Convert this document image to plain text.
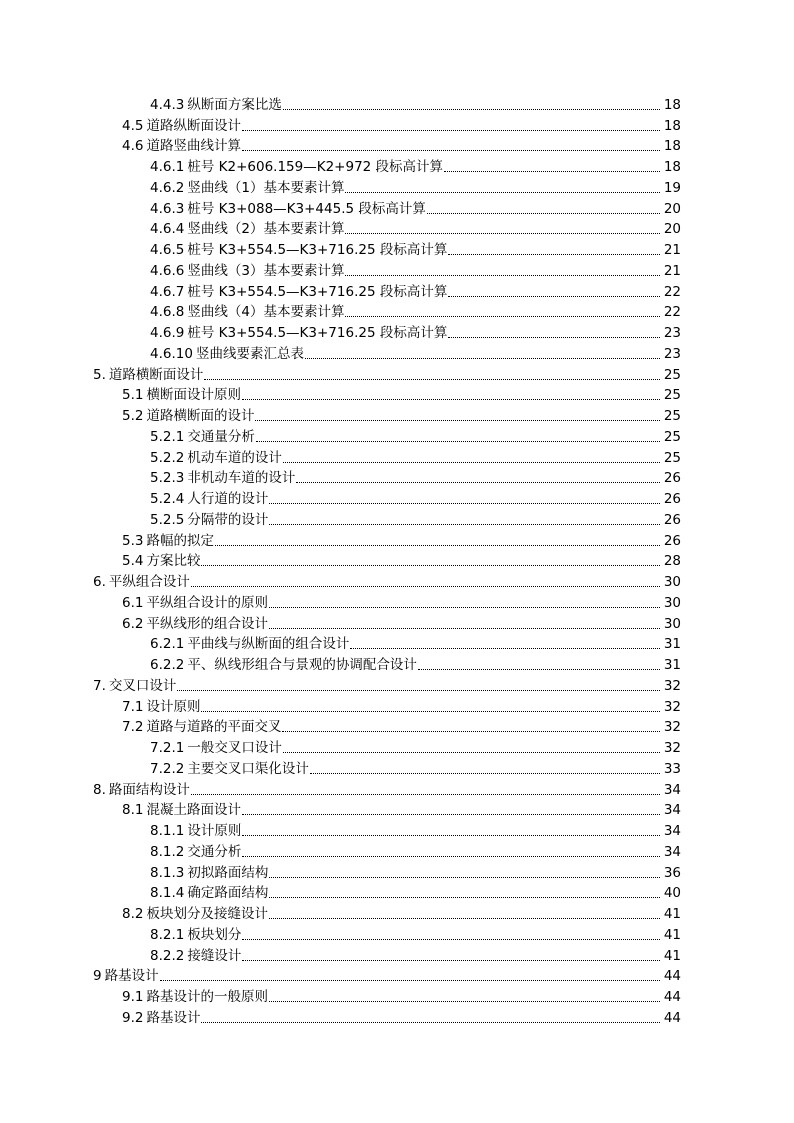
4.4.3 纵断面方案比选	18
4.5 道路纵断面设计	18
4.6 道路竖曲线计算	18
4.6.1 桩号 K2+606.159—K2+972 段标高计算	18
4.6.2 竖曲线（1）基本要素计算	19
4.6.3 桩号 K3+088—K3+445.5 段标高计算	20
4.6.4 竖曲线（2）基本要素计算	20
4.6.5 桩号 K3+554.5—K3+716.25 段标高计算	21
4.6.6 竖曲线（3）基本要素计算	21
4.6.7 桩号 K3+554.5—K3+716.25 段标高计算	22
4.6.8 竖曲线（4）基本要素计算	22
4.6.9 桩号 K3+554.5—K3+716.25 段标高计算	23
4.6.10 竖曲线要素汇总表	23
5. 道路横断面设计	25
5.1 横断面设计原则	25
5.2 道路横断面的设计	25
5.2.1 交通量分析	25
5.2.2 机动车道的设计	25
5.2.3 非机动车道的设计	26
5.2.4 人行道的设计	26
5.2.5 分隔带的设计	26
5.3 路幅的拟定	26
5.4 方案比较	28
6. 平纵组合设计	30
6.1 平纵组合设计的原则	30
6.2 平纵线形的组合设计	30
6.2.1 平曲线与纵断面的组合设计	31
6.2.2 平、纵线形组合与景观的协调配合设计	31
7. 交叉口设计	32
7.1 设计原则	32
7.2 道路与道路的平面交叉	32
7.2.1 一般交叉口设计	32
7.2.2 主要交叉口渠化设计	33
8. 路面结构设计	34
8.1 混凝土路面设计	34
8.1.1 设计原则	34
8.1.2 交通分析	34
8.1.3 初拟路面结构	36
8.1.4 确定路面结构	40
8.2 板块划分及接缝设计	41
8.2.1 板块划分	41
8.2.2 接缝设计	41
9 路基设计	44
9.1 路基设计的一般原则	44
9.2 路基设计	44
